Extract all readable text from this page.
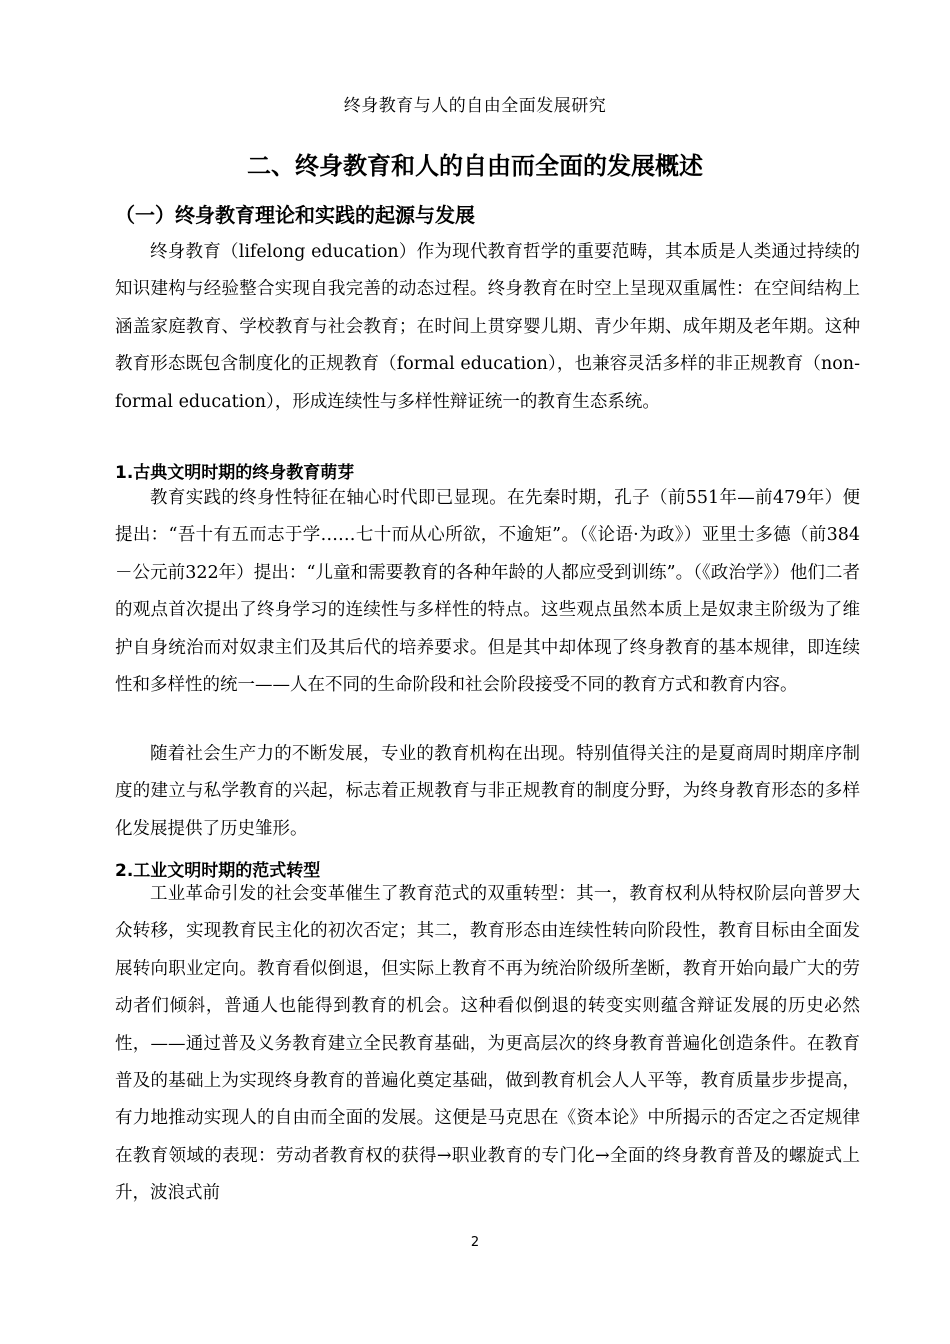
终身教育与人的自由全面发展研究
二、终身教育和人的自由而全面的发展概述
（一）终身教育理论和实践的起源与发展

终身教育（lifelong education）作为现代教育哲学的重要范畴，其本质是人类通过持续的知识建构与经验整合实现自我完善的动态过程。终身教育在时空上呈现双重属性：在空间结构上涵盖家庭教育、学校教育与社会教育；在时间上贯穿婴儿期、青少年期、成年期及老年期。这种教育形态既包含制度化的正规教育（formal education），也兼容灵活多样的非正规教育（non-formal education），形成连续性与多样性辩证统一的教育生态系统。

1.古典文明时期的终身教育萌芽

教育实践的终身性特征在轴心时代即已显现。在先秦时期，孔子（前551年—前479年）便提出：“吾十有五而志于学……七十而从心所欲，不逾矩”。（《论语·为政》）亚里士多德（前384－公元前322年）提出：“儿童和需要教育的各种年龄的人都应受到训练”。（《政治学》）他们二者的观点首次提出了终身学习的连续性与多样性的特点。这些观点虽然本质上是奴隶主阶级为了维护自身统治而对奴隶主们及其后代的培养要求。但是其中却体现了终身教育的基本规律，即连续性和多样性的统一——人在不同的生命阶段和社会阶段接受不同的教育方式和教育内容。

随着社会生产力的不断发展，专业的教育机构在出现。特别值得关注的是夏商周时期庠序制度的建立与私学教育的兴起，标志着正规教育与非正规教育的制度分野，为终身教育形态的多样化发展提供了历史雏形。

2.工业文明时期的范式转型

工业革命引发的社会变革催生了教育范式的双重转型：其一，教育权利从特权阶层向普罗大众转移，实现教育民主化的初次否定；其二，教育形态由连续性转向阶段性，教育目标由全面发展转向职业定向。教育看似倒退，但实际上教育不再为统治阶级所垄断，教育开始向最广大的劳动者们倾斜，普通人也能得到教育的机会。这种看似倒退的转变实则蕴含辩证发展的历史必然性，——通过普及义务教育建立全民教育基础，为更高层次的终身教育普遍化创造条件。在教育普及的基础上为实现终身教育的普遍化奠定基础，做到教育机会人人平等，教育质量步步提高，有力地推动实现人的自由而全面的发展。这便是马克思在《资本论》中所揭示的否定之否定规律在教育领域的表现：劳动者教育权的获得→职业教育的专门化→全面的终身教育普及的螺旋式上升，波浪式前

2
